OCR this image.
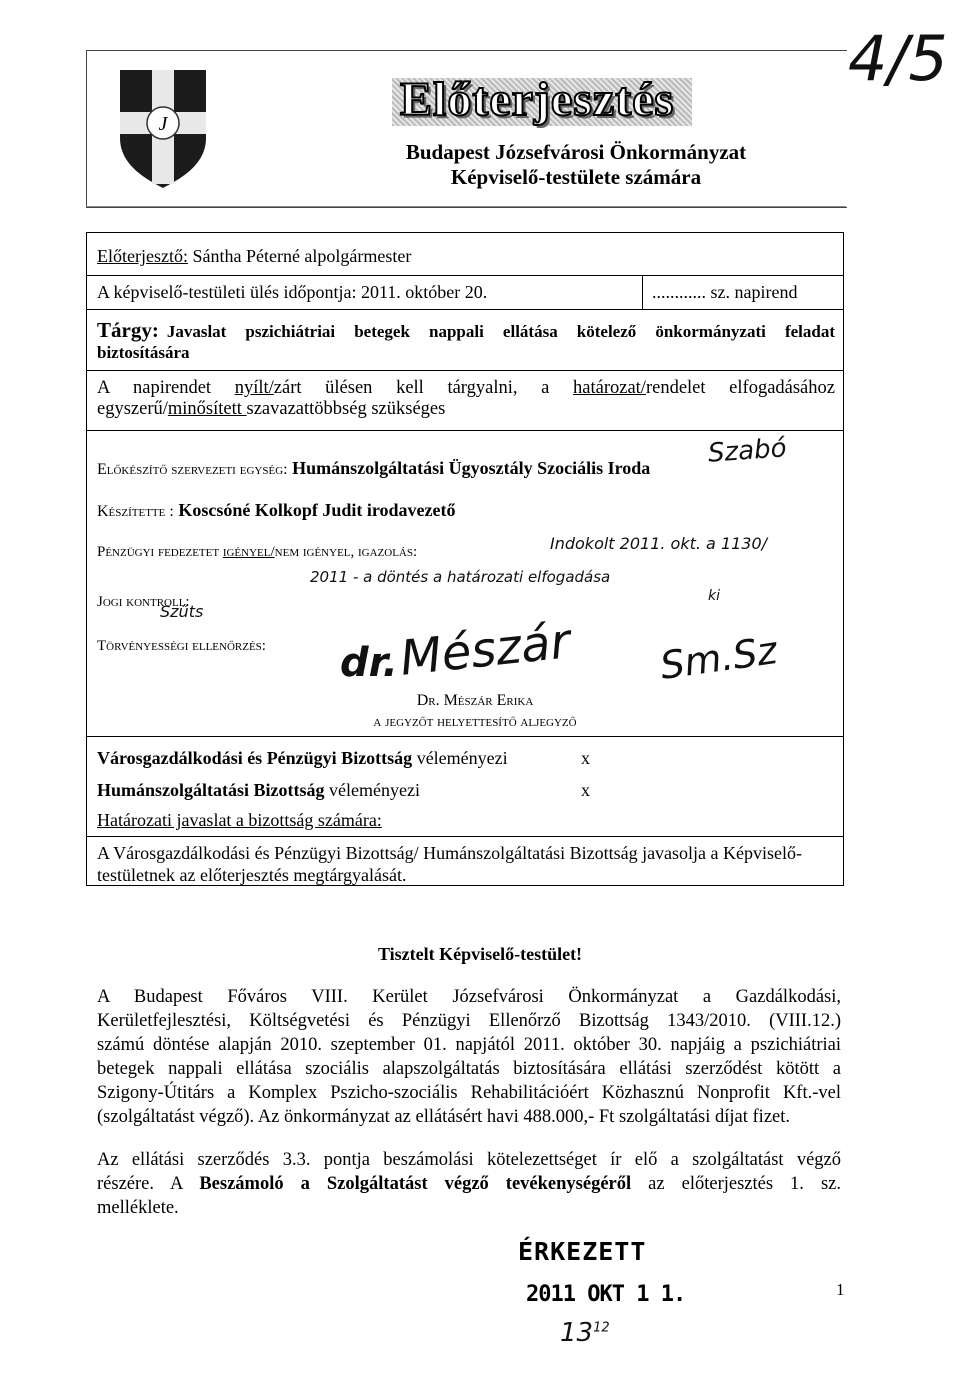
4/5
J	Előterjesztés
Budapest Józsefvárosi Önkormányzat
Képviselő-testülete számára
Előterjesztő: Sántha Péterné alpolgármester
A képviselő-testületi ülés időpontja: 2011. október 20.	............ sz. napirend
Tárgy: Javaslat pszichiátriai betegek nappali ellátása kötelező önkormányzati feladat
biztosítására
A napirendet nyílt/zárt ülésen kell tárgyalni, a határozat/rendelet elfogadásához
egyszerű/minősített szavazattöbbség szükséges
Szabó
Előkészítő szervezeti egység: Humánszolgáltatási Ügyosztály Szociális Iroda
Készítette : Koscsóné Kolkopf Judit irodavezető
Pénzügyi fedezetet igényel/nem igényel, igazolás:	Indokolt 2011. okt. a 1130/
2011 - a döntés a határozati elfogadása
Jogi kontroll:
Szűts
ki
Törvényességi ellenőrzés: dr. Mészár Sm.Sz
Dr. Mészár Erika
a jegyzőt helyettesítő aljegyző
Városgazdálkodási és Pénzügyi Bizottság véleményezi	x
Humánszolgáltatási Bizottság véleményezi	x
Határozati javaslat a bizottság számára:
A Városgazdálkodási és Pénzügyi Bizottság/ Humánszolgáltatási Bizottság javasolja a Képviselő-
testületnek az előterjesztés megtárgyalását.
Tisztelt Képviselő-testület!

A Budapest Főváros VIII. Kerület Józsefvárosi Önkormányzat a Gazdálkodási,

Kerületfejlesztési, Költségvetési és Pénzügyi Ellenőrző Bizottság 1343/2010. (VIII.12.)

számú döntése alapján 2010. szeptember 01. napjától 2011. október 30. napjáig a pszichiátriai

betegek nappali ellátása szociális alapszolgáltatás biztosítására ellátási szerződést kötött a

Szigony-Útitárs a Komplex Pszicho-szociális Rehabilitációért Közhasznú Nonprofit Kft.-vel

(szolgáltatást végző). Az önkormányzat az ellátásért havi 488.000,- Ft szolgáltatási díjat fizet.

Az ellátási szerződés 3.3. pontja beszámolási kötelezettséget ír elő a szolgáltatást végző

részére. A Beszámoló a Szolgáltatást végző tevékenységéről az előterjesztés 1. sz.

melléklete.

ÉRKEZETT
2011 OKT 1 1.
$13^{12}$
1
